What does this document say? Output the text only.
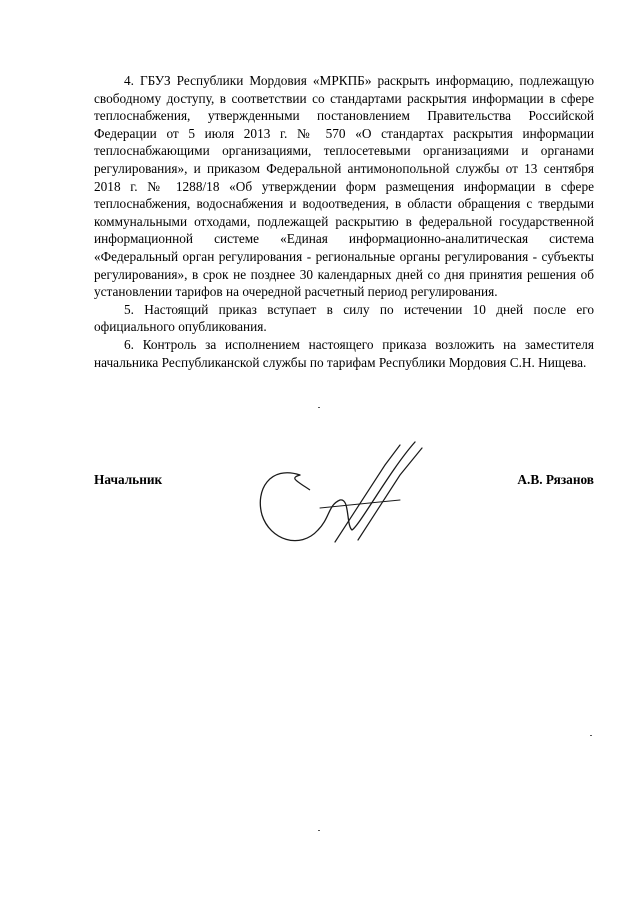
4. ГБУЗ Республики Мордовия «МРКПБ» раскрыть информацию, подлежащую свободному доступу, в соответствии со стандартами раскрытия информации в сфере теплоснабжения, утвержденными постановлением Правительства Российской Федерации от 5 июля 2013 г. № 570 «О стандартах раскрытия информации теплоснабжающими организациями, теплосетевыми организациями и органами регулирования», и приказом Федеральной антимонопольной службы от 13 сентября 2018 г. № 1288/18 «Об утверждении форм размещения информации в сфере теплоснабжения, водоснабжения и водоотведения, в области обращения с твердыми коммунальными отходами, подлежащей раскрытию в федеральной государственной информационной системе «Единая информационно-аналитическая система «Федеральный орган регулирования - региональные органы регулирования - субъекты регулирования», в срок не позднее 30 календарных дней со дня принятия решения об установлении тарифов на очередной расчетный период регулирования.

5. Настоящий приказ вступает в силу по истечении 10 дней после его официального опубликования.

6. Контроль за исполнением настоящего приказа возложить на заместителя начальника Республиканской службы по тарифам Республики Мордовия С.Н. Нищева.

Начальник	А.В. Рязанов
